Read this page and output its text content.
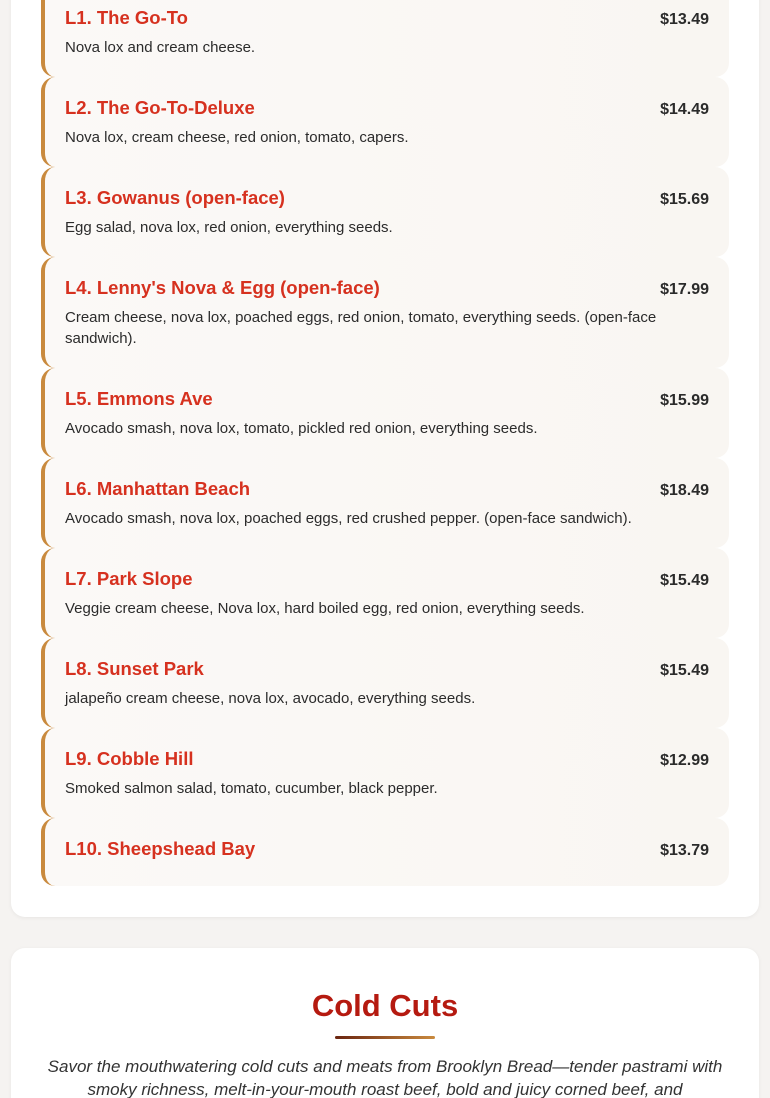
L1. The Go-To	$13.49
Nova lox and cream cheese.
L2. The Go-To-Deluxe	$14.49
Nova lox, cream cheese, red onion, tomato, capers.
L3. Gowanus (open-face)	$15.69
Egg salad, nova lox, red onion, everything seeds.
L4. Lenny's Nova & Egg (open-face)	$17.99
Cream cheese, nova lox, poached eggs, red onion, tomato, everything seeds. (open-face sandwich).
L5. Emmons Ave	$15.99
Avocado smash, nova lox, tomato, pickled red onion, everything seeds.
L6. Manhattan Beach	$18.49
Avocado smash, nova lox, poached eggs, red crushed pepper. (open-face sandwich).
L7. Park Slope	$15.49
Veggie cream cheese, Nova lox, hard boiled egg, red onion, everything seeds.
L8. Sunset Park	$15.49
jalapeño cream cheese, nova lox, avocado, everything seeds.
L9. Cobble Hill	$12.99
Smoked salmon salad, tomato, cucumber, black pepper.
L10. Sheepshead Bay	$13.79
Cold Cuts
Savor the mouthwatering cold cuts and meats from Brooklyn Bread—tender pastrami with smoky richness, melt-in-your-mouth roast beef, bold and juicy corned beef, and
